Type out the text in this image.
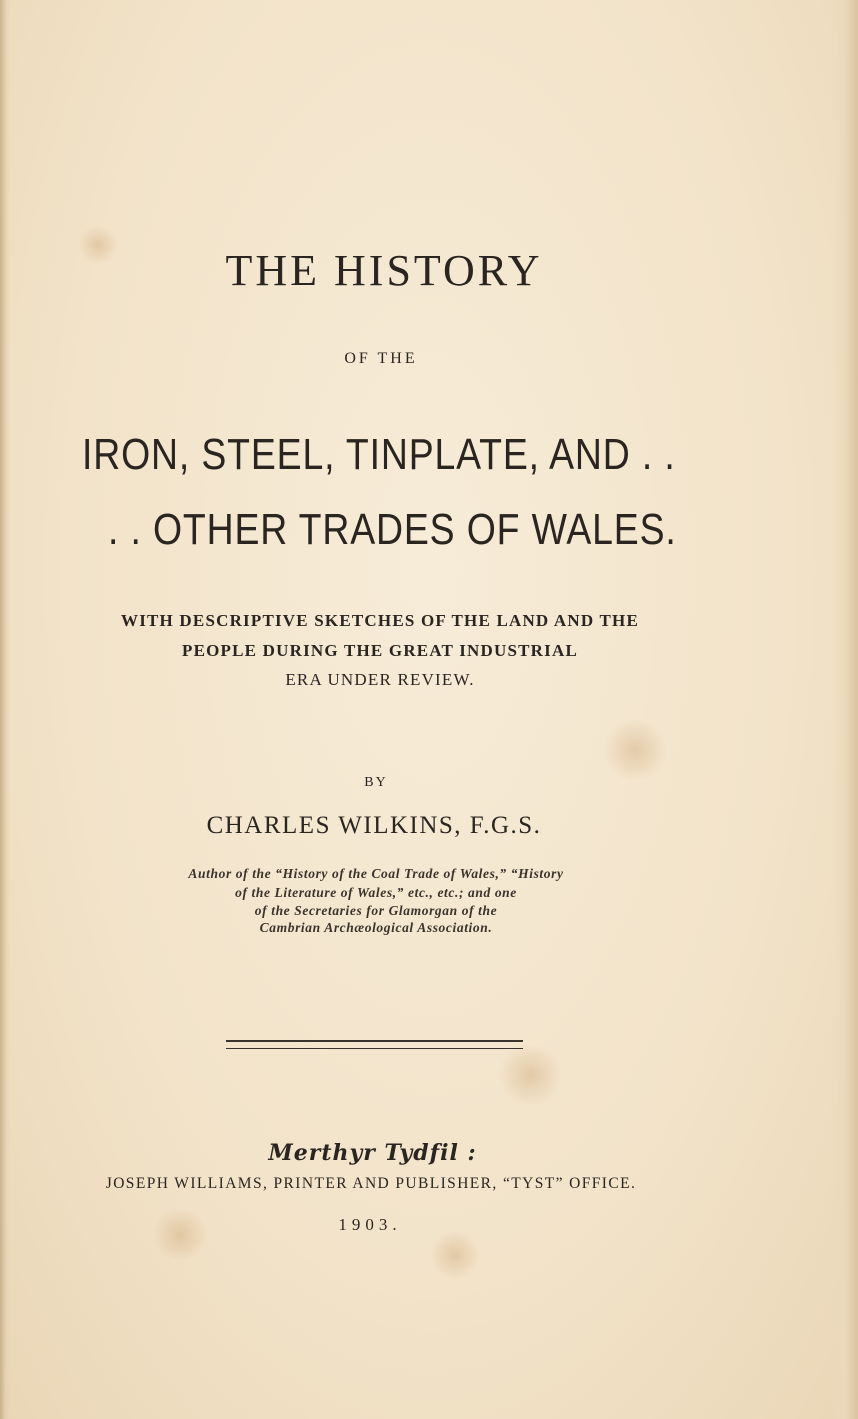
THE HISTORY
OF THE
IRON, STEEL, TINPLATE, AND . .
. . OTHER TRADES OF WALES.
WITH DESCRIPTIVE SKETCHES OF THE LAND AND THE
PEOPLE DURING THE GREAT INDUSTRIAL
ERA UNDER REVIEW.
BY
CHARLES WILKINS, F.G.S.
Author of the “History of the Coal Trade of Wales,” “History
of the Literature of Wales,” etc., etc.; and one
of the Secretaries for Glamorgan of the
Cambrian Archæological Association.
Merthyr Tydfil :
JOSEPH WILLIAMS, PRINTER AND PUBLISHER, “TYST” OFFICE.
1903.
